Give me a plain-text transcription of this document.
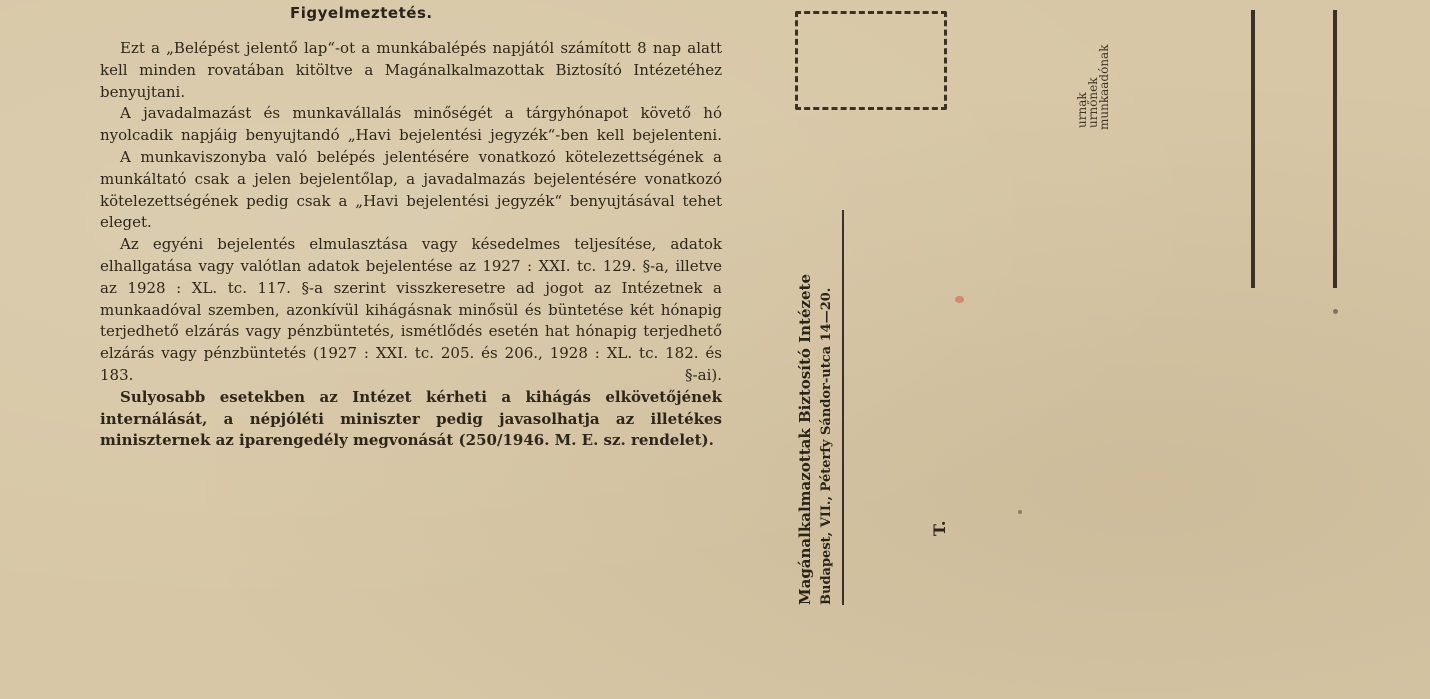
Figyelmeztetés.

Ezt a „Belépést jelentő lap“-ot a munkábalépés napjától számított 8 nap alatt kell minden rovatában kitöltve a Magánalkalmazottak Biztosító Intézetéhez benyujtani.

A javadalmazást és munkavállalás minőségét a tárgyhónapot követő hó nyolcadik napjáig benyujtandó „Havi bejelentési jegyzék“-ben kell bejelenteni.

A munkaviszonyba való belépés jelentésére vonatkozó kötelezettségének a munkáltató csak a jelen bejelentőlap, a javadalmazás bejelentésére vonatkozó kötelezettségének pedig csak a „Havi bejelentési jegyzék“ benyujtásával tehet eleget.

Az egyéni bejelentés elmulasztása vagy késedelmes teljesítése, adatok elhallgatása vagy valótlan adatok bejelentése az 1927 : XXI. tc. 129. §-a, illetve az 1928 : XL. tc. 117. §-a szerint visszkeresetre ad jogot az Intézetnek a munkaadóval szemben, azonkívül kihágásnak minősül és büntetése két hónapig terjedhető elzárás vagy pénzbüntetés, ismétlődés esetén hat hónapig terjedhető elzárás vagy pénzbüntetés (1927 : XXI. tc. 205. és 206., 1928 : XL. tc. 182. és 183. §-ai).

Sulyosabb esetekben az Intézet kérheti a kihágás elkövetőjének internálását, a népjóléti miniszter pedig javasolhatja az illetékes miniszternek az iparengedély megvonását (250/1946. M. E. sz. rendelet).	Magánalkalmazottak Biztosító Intézete Budapest, VII., Péterfy Sándor-utca 14—20.	T.
urnak
urnőnek
munkaadónak
